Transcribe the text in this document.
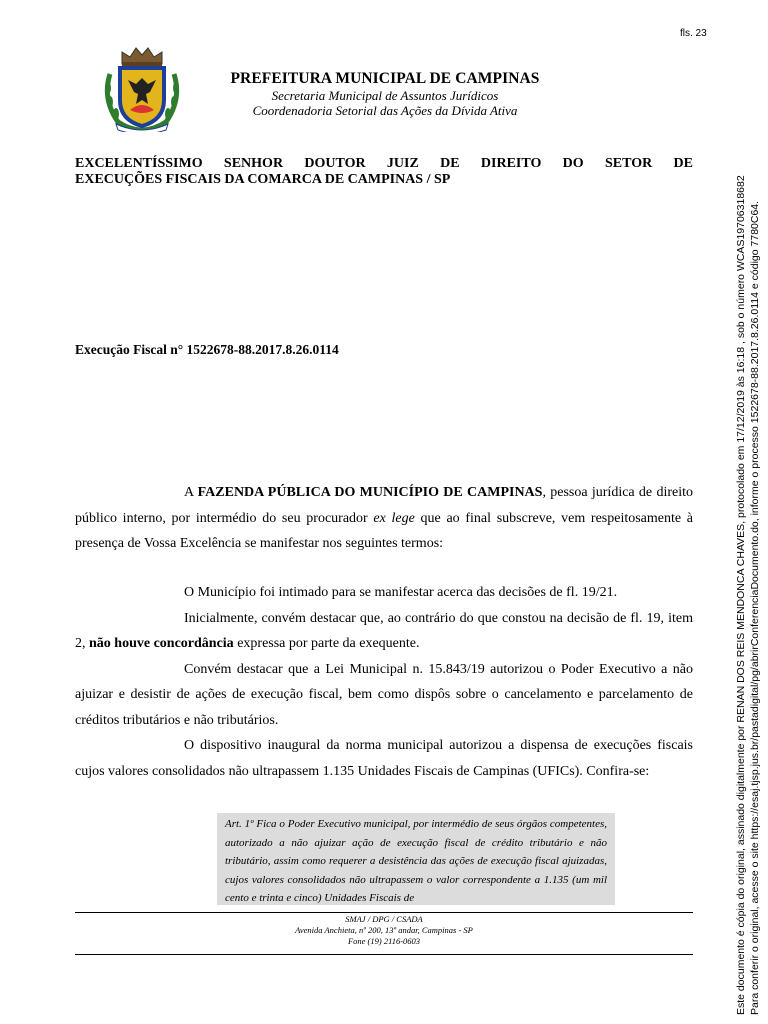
fls. 23
PREFEITURA MUNICIPAL DE CAMPINAS
Secretaria Municipal de Assuntos Jurídicos
Coordenadoria Setorial das Ações da Dívida Ativa
EXCELENTÍSSIMO SENHOR DOUTOR JUIZ DE DIREITO DO SETOR DE
EXECUÇÕES FISCAIS DA COMARCA DE CAMPINAS / SP
Execução Fiscal n° 1522678-88.2017.8.26.0114

A FAZENDA PÚBLICA DO MUNICÍPIO DE CAMPINAS, pessoa jurídica de direito público interno, por intermédio do seu procurador ex lege que ao final subscreve, vem respeitosamente à presença de Vossa Excelência se manifestar nos seguintes termos:

O Município foi intimado para se manifestar acerca das decisões de fl. 19/21.

Inicialmente, convém destacar que, ao contrário do que constou na decisão de fl. 19, item 2, não houve concordância expressa por parte da exequente.

Convém destacar que a Lei Municipal n. 15.843/19 autorizou o Poder Executivo a não ajuizar e desistir de ações de execução fiscal, bem como dispôs sobre o cancelamento e parcelamento de créditos tributários e não tributários.

O dispositivo inaugural da norma municipal autorizou a dispensa de execuções fiscais cujos valores consolidados não ultrapassem 1.135 Unidades Fiscais de Campinas (UFICs). Confira-se:

Art. 1º Fica o Poder Executivo municipal, por intermédio de seus órgãos competentes, autorizado a não ajuizar ação de execução fiscal de crédito tributário e não tributário, assim como requerer a desistência das ações de execução fiscal ajuizadas, cujos valores consolidados não ultrapassem o valor correspondente a 1.135 (um mil cento e trinta e cinco) Unidades Fiscais de
SMAJ / DPG / CSADA
Avenida Anchieta, nº 200, 13º andar, Campinas - SP
Fone (19) 2116-0603	Este documento é cópia do original, assinado digitalmente por RENAN DOS REIS MENDONCA CHAVES, protocolado em 17/12/2019 às 16:18 , sob o número WCAS19706318682 Para conferir o original, acesse o site https://esaj.tjsp.jus.br/pastadigital/pg/abrirConferenciaDocumento.do, informe o processo 1522678-88.2017.8.26.0114 e código 7780C64.
